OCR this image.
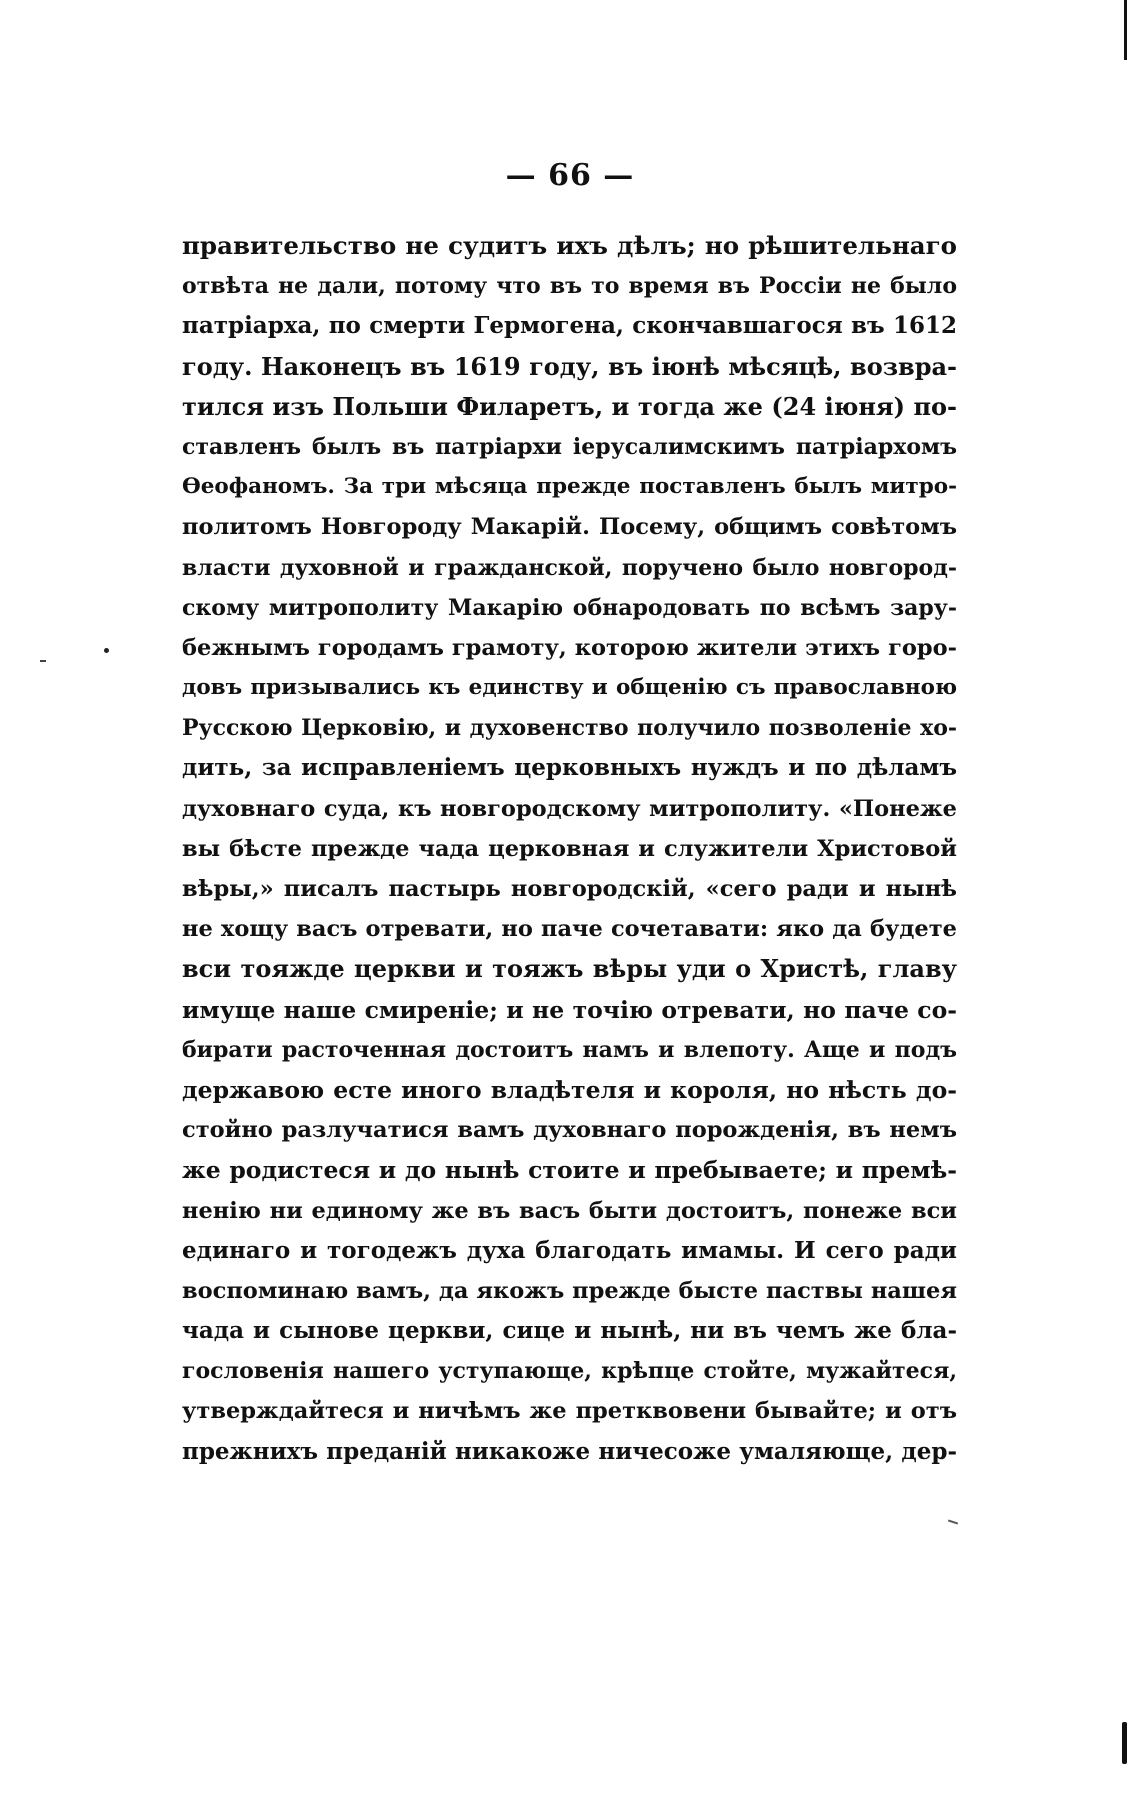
— 66 —
правительство не судитъ ихъ дѣлъ; но рѣшительнаго
отвѣта не дали, потому что въ то время въ Россіи не было
патріарха, по смерти Гермогена, скончавшагося въ 1612
году. Наконецъ въ 1619 году, въ іюнѣ мѣсяцѣ, возвра-
тился изъ Польши Филаретъ, и тогда же (24 іюня) по-
ставленъ былъ въ патріархи іерусалимскимъ патріархомъ
Ѳеофаномъ. За три мѣсяца прежде поставленъ былъ митро-
политомъ Новгороду Макарій. Посему, общимъ совѣтомъ
власти духовной и гражданской, поручено было новгород-
скому митрополиту Макарію обнародовать по всѣмъ зару-
бежнымъ городамъ грамоту, которою жители этихъ горо-
довъ призывались къ единству и общенію съ православною
Русскою Церковію, и духовенство получило позволеніе хо-
дить, за исправленіемъ церковныхъ нуждъ и по дѣламъ
духовнаго суда, къ новгородскому митрополиту. «Понеже
вы бѣсте прежде чада церковная и служители Христовой
вѣры,» писалъ пастырь новгородскій, «сего ради и нынѣ
не хощу васъ отревати, но паче сочетавати: яко да будете
вси тояжде церкви и тояжъ вѣры уди о Христѣ, главу
имуще наше смиреніе; и не точію отревати, но паче со-
бирати расточенная достоитъ намъ и влепоту. Аще и подъ
державою есте иного владѣтеля и короля, но нѣсть до-
стойно разлучатися вамъ духовнаго порожденія, въ немъ
же родистеся и до нынѣ стоите и пребываете; и премѣ-
ненію ни единому же въ васъ быти достоитъ, понеже вси
единаго и тогодежъ духа благодать имамы. И сего ради
воспоминаю вамъ, да якожъ прежде бысте паствы нашея
чада и сынове церкви, сице и нынѣ, ни въ чемъ же бла-
гословенія нашего уступающе, крѣпце стойте, мужайтеся,
утверждайтеся и ничѣмъ же претквовени бывайте; и отъ
прежнихъ преданій никакоже ничесоже умаляюще, дер-
